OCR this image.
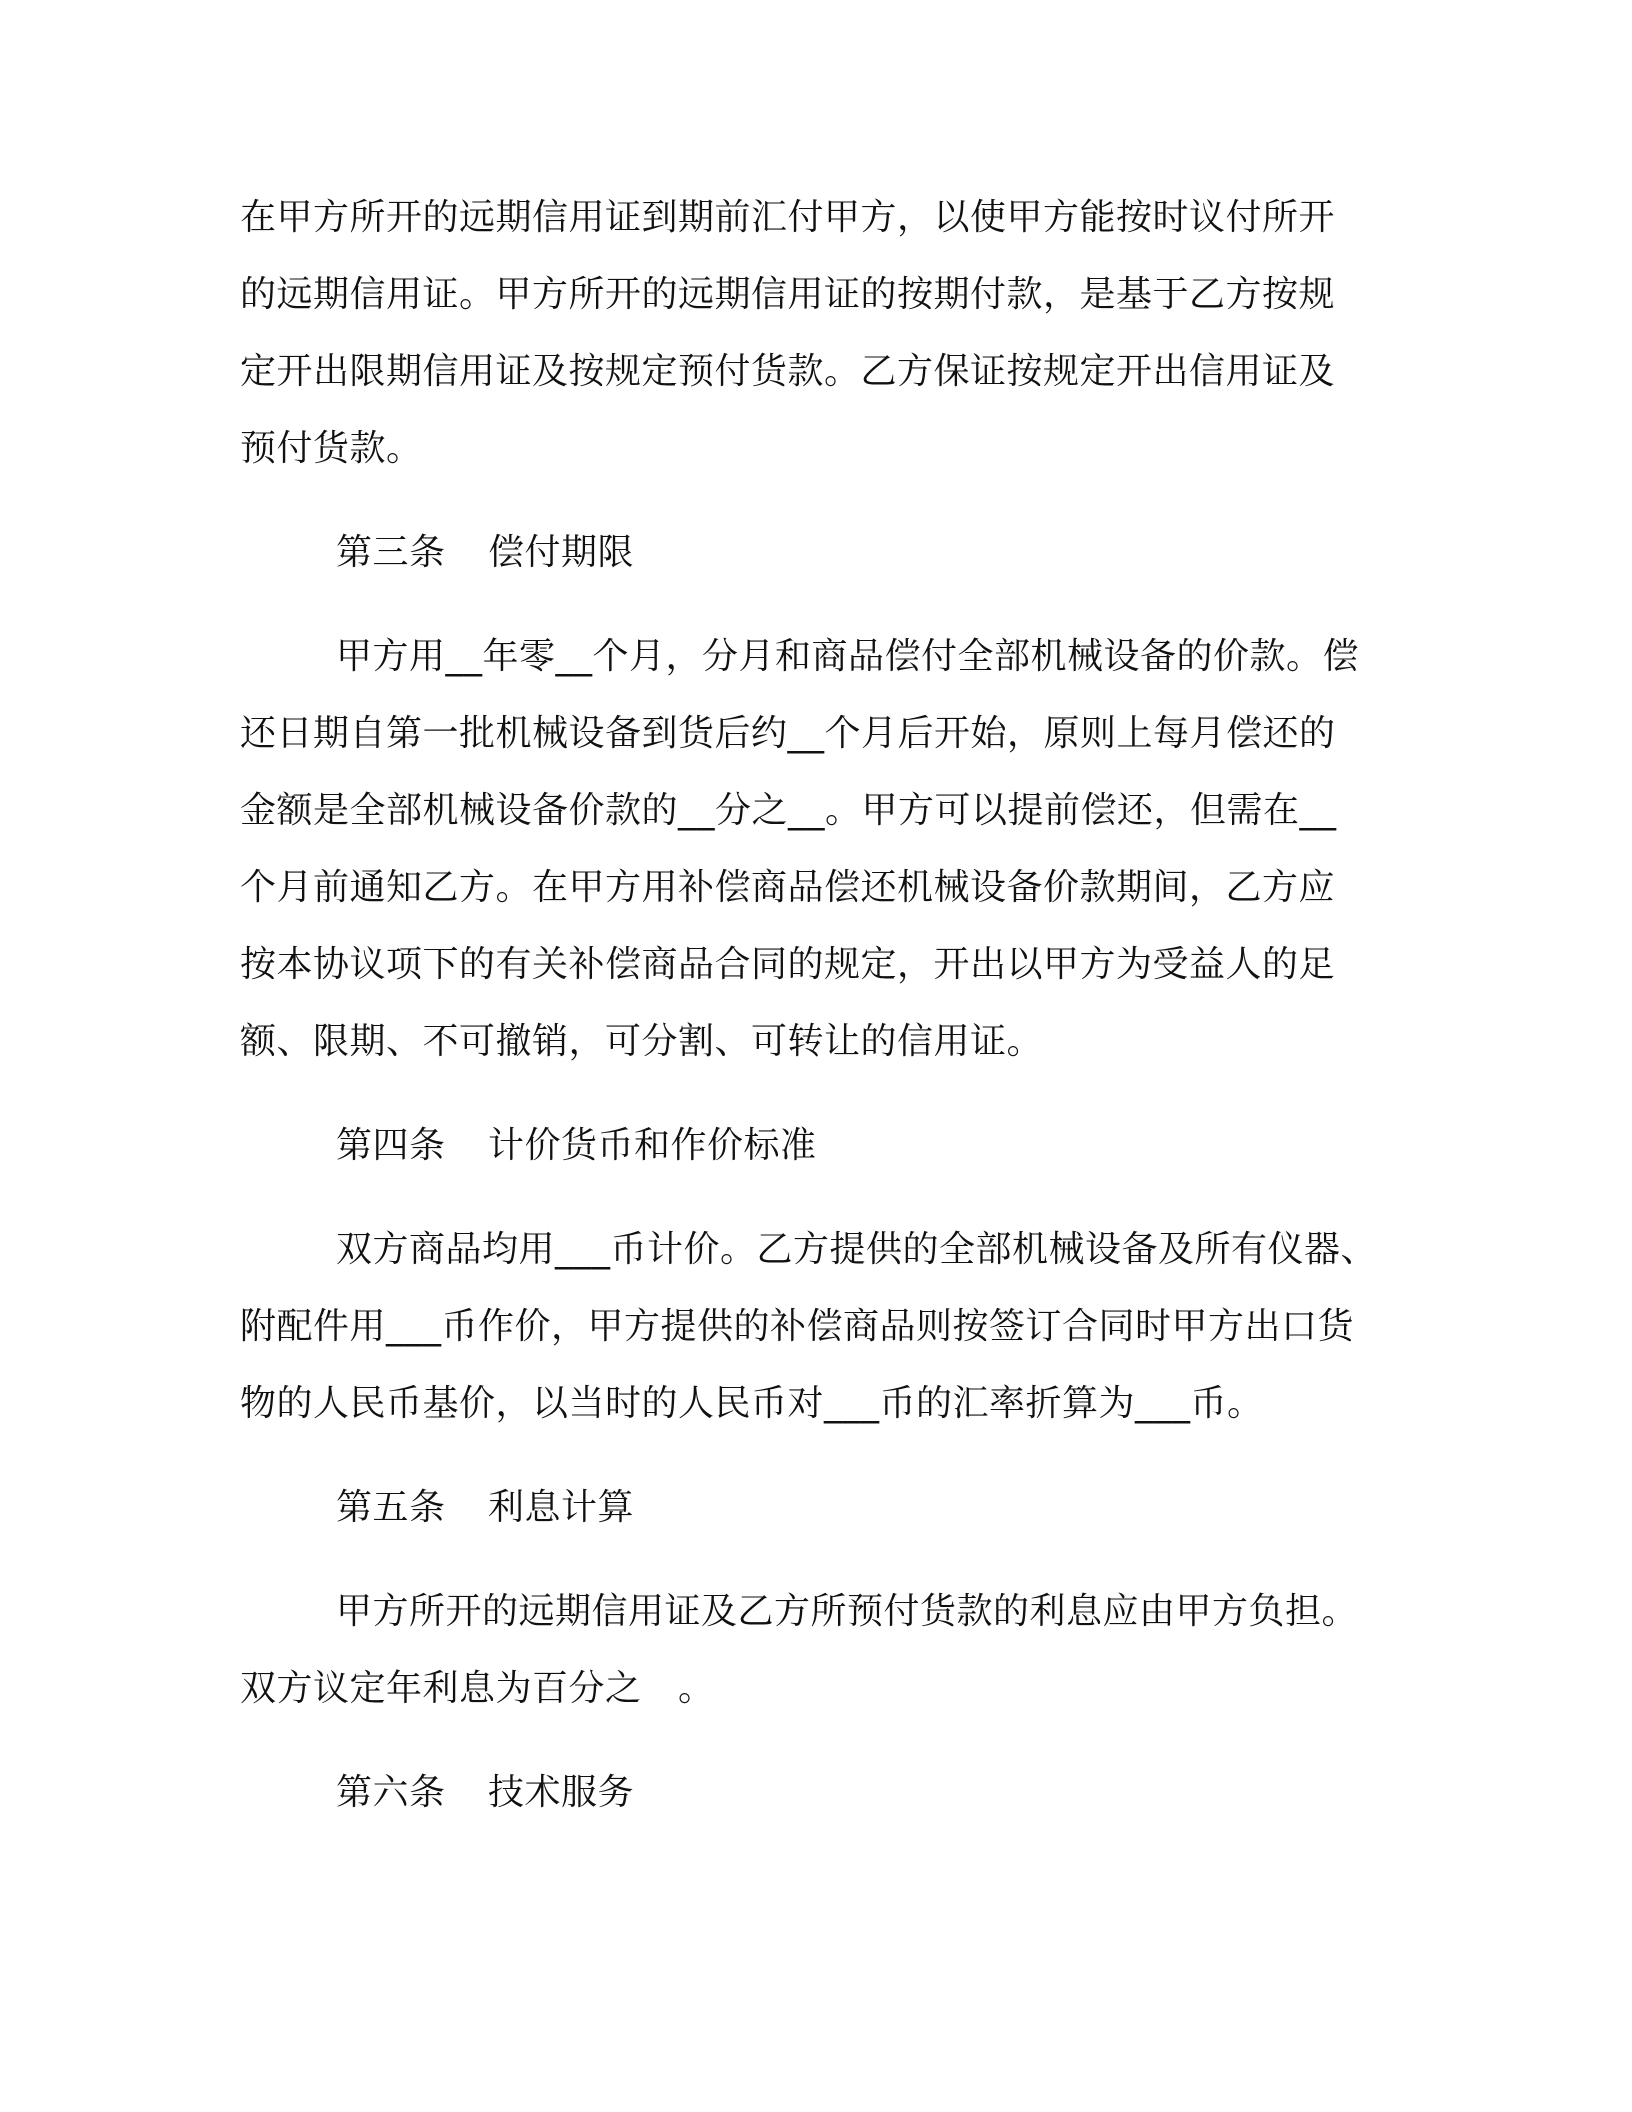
在甲方所开的远期信用证到期前汇付甲方，以使甲方能按时议付所开
的远期信用证。甲方所开的远期信用证的按期付款，是基于乙方按规
定开出限期信用证及按规定预付货款。乙方保证按规定开出信用证及
预付货款。
第三条 偿付期限
甲方用__年零__个月，分月和商品偿付全部机械设备的价款。偿
还日期自第一批机械设备到货后约__个月后开始，原则上每月偿还的
金额是全部机械设备价款的__分之__。甲方可以提前偿还，但需在__
个月前通知乙方。在甲方用补偿商品偿还机械设备价款期间，乙方应
按本协议项下的有关补偿商品合同的规定，开出以甲方为受益人的足
额、限期、不可撤销，可分割、可转让的信用证。
第四条 计价货币和作价标准
双方商品均用___币计价。乙方提供的全部机械设备及所有仪器、
附配件用___币作价，甲方提供的补偿商品则按签订合同时甲方出口货
物的人民币基价，以当时的人民币对___币的汇率折算为___币。
第五条 利息计算
甲方所开的远期信用证及乙方所预付货款的利息应由甲方负担。
双方议定年利息为百分之　。
第六条 技术服务
